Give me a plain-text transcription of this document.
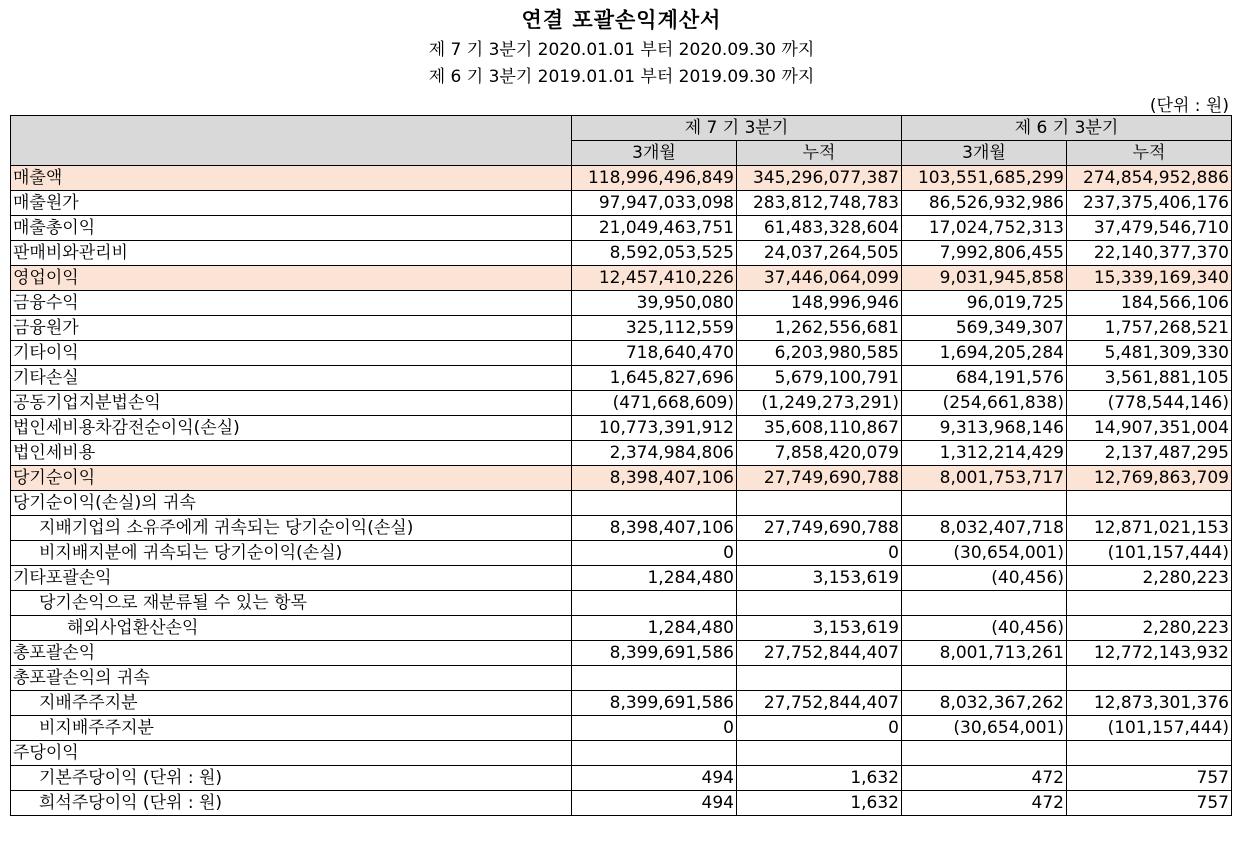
연결 포괄손익계산서
제 7 기 3분기 2020.01.01 부터 2020.09.30 까지
제 6 기 3분기 2019.01.01 부터 2019.09.30 까지
(단위 : 원)
	제 7 기 3분기		제 6 기 3분기	
	3개월	누적	3개월	누적
매출액	118,996,496,849	345,296,077,387	103,551,685,299	274,854,952,886
매출원가	97,947,033,098	283,812,748,783	86,526,932,986	237,375,406,176
매출총이익	21,049,463,751	61,483,328,604	17,024,752,313	37,479,546,710
판매비와관리비	8,592,053,525	24,037,264,505	7,992,806,455	22,140,377,370
영업이익	12,457,410,226	37,446,064,099	9,031,945,858	15,339,169,340
금융수익	39,950,080	148,996,946	96,019,725	184,566,106
금융원가	325,112,559	1,262,556,681	569,349,307	1,757,268,521
기타이익	718,640,470	6,203,980,585	1,694,205,284	5,481,309,330
기타손실	1,645,827,696	5,679,100,791	684,191,576	3,561,881,105
공동기업지분법손익	(471,668,609)	(1,249,273,291)	(254,661,838)	(778,544,146)
법인세비용차감전순이익(손실)	10,773,391,912	35,608,110,867	9,313,968,146	14,907,351,004
법인세비용	2,374,984,806	7,858,420,079	1,312,214,429	2,137,487,295
당기순이익	8,398,407,106	27,749,690,788	8,001,753,717	12,769,863,709
당기순이익(손실)의 귀속				
지배기업의 소유주에게 귀속되는 당기순이익(손실)	8,398,407,106	27,749,690,788	8,032,407,718	12,871,021,153
비지배지분에 귀속되는 당기순이익(손실)	0	0	(30,654,001)	(101,157,444)
기타포괄손익	1,284,480	3,153,619	(40,456)	2,280,223
당기손익으로 재분류될 수 있는 항목				
해외사업환산손익	1,284,480	3,153,619	(40,456)	2,280,223
총포괄손익	8,399,691,586	27,752,844,407	8,001,713,261	12,772,143,932
총포괄손익의 귀속				
지배주주지분	8,399,691,586	27,752,844,407	8,032,367,262	12,873,301,376
비지배주주지분	0	0	(30,654,001)	(101,157,444)
주당이익				
기본주당이익 (단위 : 원)	494	1,632	472	757
희석주당이익 (단위 : 원)	494	1,632	472	757
